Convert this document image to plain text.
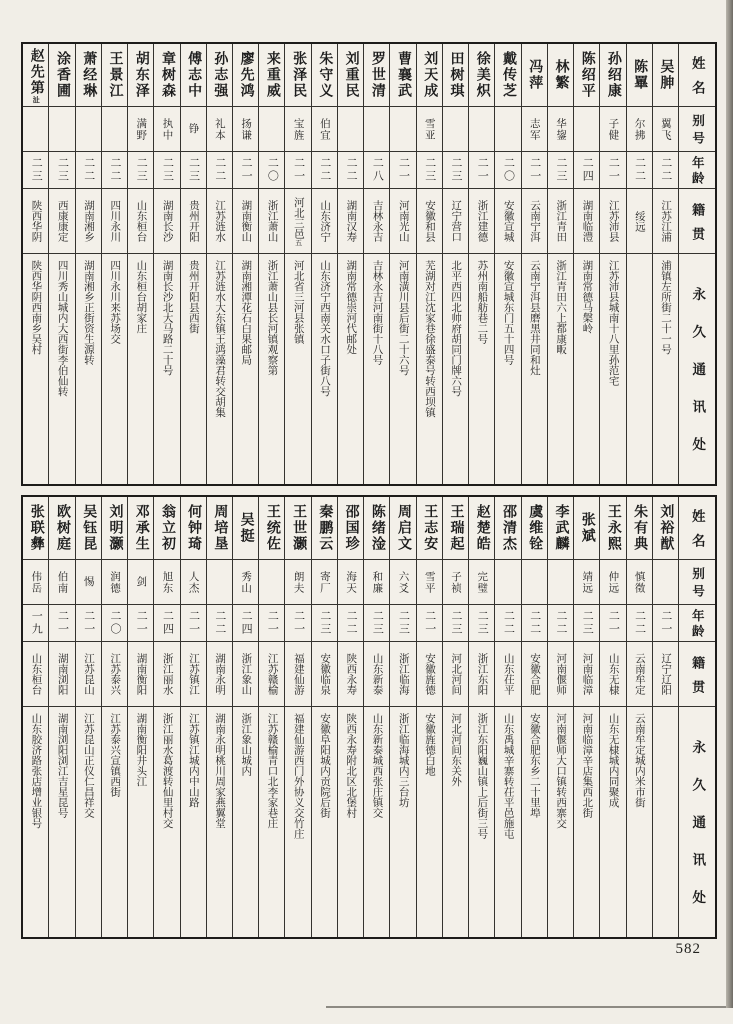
姓名
别号
年龄
籍贯
永久通讯处
吴胂
翼飞
二二
江苏江浦
浦镇左所街二十一号
陈罼
尔拂
二二
绥远
孙绍康
子健
二一
江苏沛县
江苏沛县城南十八里孙范宅
陈绍平
二四
湖南临澧
湖南常德马槃岭
林繁
华鋆
二三
浙江青田
浙江青田六上都康畈
冯萍
志军
二一
云南宁洱
云南宁洱县磨黑井同和灶
戴传芝
二〇
安徽宣城
安徽宣城东门五十四号
徐美炽
二一
浙江建德
苏州南船舫巷二号
田树琪
二三
辽宁营口
北平西四北帅府胡同门牌六号
刘天成
雪亚
二三
安徽和县
芜湖对江沈家巷徐盛泰号转西坝镇
曹襄武
二一
河南光山
河南潢川县后街二十六号
罗世清
二八
吉林永吉
吉林永吉河南街十八号
刘重民
二二
湖南汉寿
湖南常德崇河代邮处
朱守义
伯宜
二二
山东济宁
山东济宁西南关水口子街八号
张泽民
宝旌
二一
河北三邑
五
河北省三河县张镇
来重威
二〇
浙江萧山
浙江萧山县长河镇观察第
廖先鸿
扬谦
二一
湖南衡山
湖南湘潭花石白果邮局
孙志强
礼本
二二
江苏涟水
江苏涟水大东镇王鸿藻君转交胡集
傅志中
铮
二三
贵州开阳
贵州开阳县西街
章树森
执中
二三
湖南长沙
湖南长沙北大马路二十号
胡东泽
满野
二三
山东桓台
山东桓台胡家庄
王景江
二二
四川永川
四川永川来苏场交
萧经琳
二二
湖南湘乡
湖南湘乡正街资生源转
涂香圃
二三
西康康定
四川秀山城内大西街李伯仙转
赵先第
沚
二三
陕西华阴
陕西华阴西南乡吴村
姓名
别号
年龄
籍贯
永久通讯处
刘裕猷
二一
辽宁辽阳
朱有典
慎徵
二二
云南牟定
云南牟定城内米市街
王永熙
仲远
二一
山东无棣
山东无棣城内同聚成
张斌
靖远
二三
河南临漳
河南临漳辛店集西北街
李武麟
二二
河南偃师
河南偃师大口镇转西寨交
虞维铨
二二
安徽合肥
安徽合肥东乡二十里埠
邵清杰
二二
山东茌平
山东禹城辛寨转茌平邑施屯
赵楚皓
完璧
二三
浙江东阳
浙江东阳巍山镇上后街三号
王瑞起
子祯
二三
河北河间
河北河间东关外
王志安
雪平
二一
安徽旌德
安徽旌德白地
周启文
六爻
二三
浙江临海
浙江临海城内三台坊
陈绪淦
和廉
二三
山东新泰
山东新泰城西张庄镇交
邵国珍
海天
二二
陕西永寿
陕西永寿附北区北堡村
秦鹏云
寄厂
二三
安徽临泉
安徽阜阳城内贡院后街
王世灏
朗夫
二一
福建仙游
福建仙游西门外协义交竹庄
王统佐
二一
江苏赣榆
江苏赣榆青口北李家巷庄
吴挺
秀山
二四
浙江象山
浙江象山城内
周培垦
二二
湖南永明
湖南永明桃川周家燕翼堂
何钟琦
人杰
二一
江苏镇江
江苏镇江城内中山路
翁立初
旭东
二四
浙江丽水
浙江丽水葛渡转仙里村交
邓承生
剑
二一
湖南衡阳
湖南衡阳井头江
刘明灏
润德
二〇
江苏泰兴
江苏泰兴宣镇西街
吴钰昆
惕
二一
江苏昆山
江苏昆山正仪仁昌祥交
欧树庭
伯南
二一
湖南浏阳
湖南浏阳浏江吉星昆号
张联彝
伟岳
一九
山东桓台
山东胶济路张店增业银号
582
